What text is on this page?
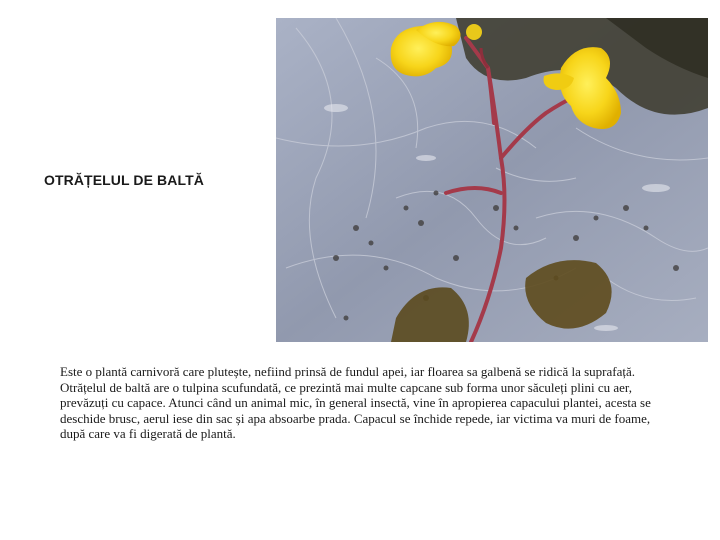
OTRĂȚELUL DE BALTĂ

Este o plantă carnivoră care plutește, nefiind prinsă de fundul apei, iar floarea sa galbenă se ridică la suprafață. Otrățelul de baltă are o tulpina scufundată, ce prezintă mai multe capcane sub forma unor săculeți plini cu aer, prevăzuți cu capace. Atunci când un animal mic, în general insectă, vine în apropierea capacului plantei, acesta se deschide brusc, aerul iese din sac și apa absoarbe prada. Capacul se închide repede, iar victima va muri de foame, după care va fi digerată de plantă.
